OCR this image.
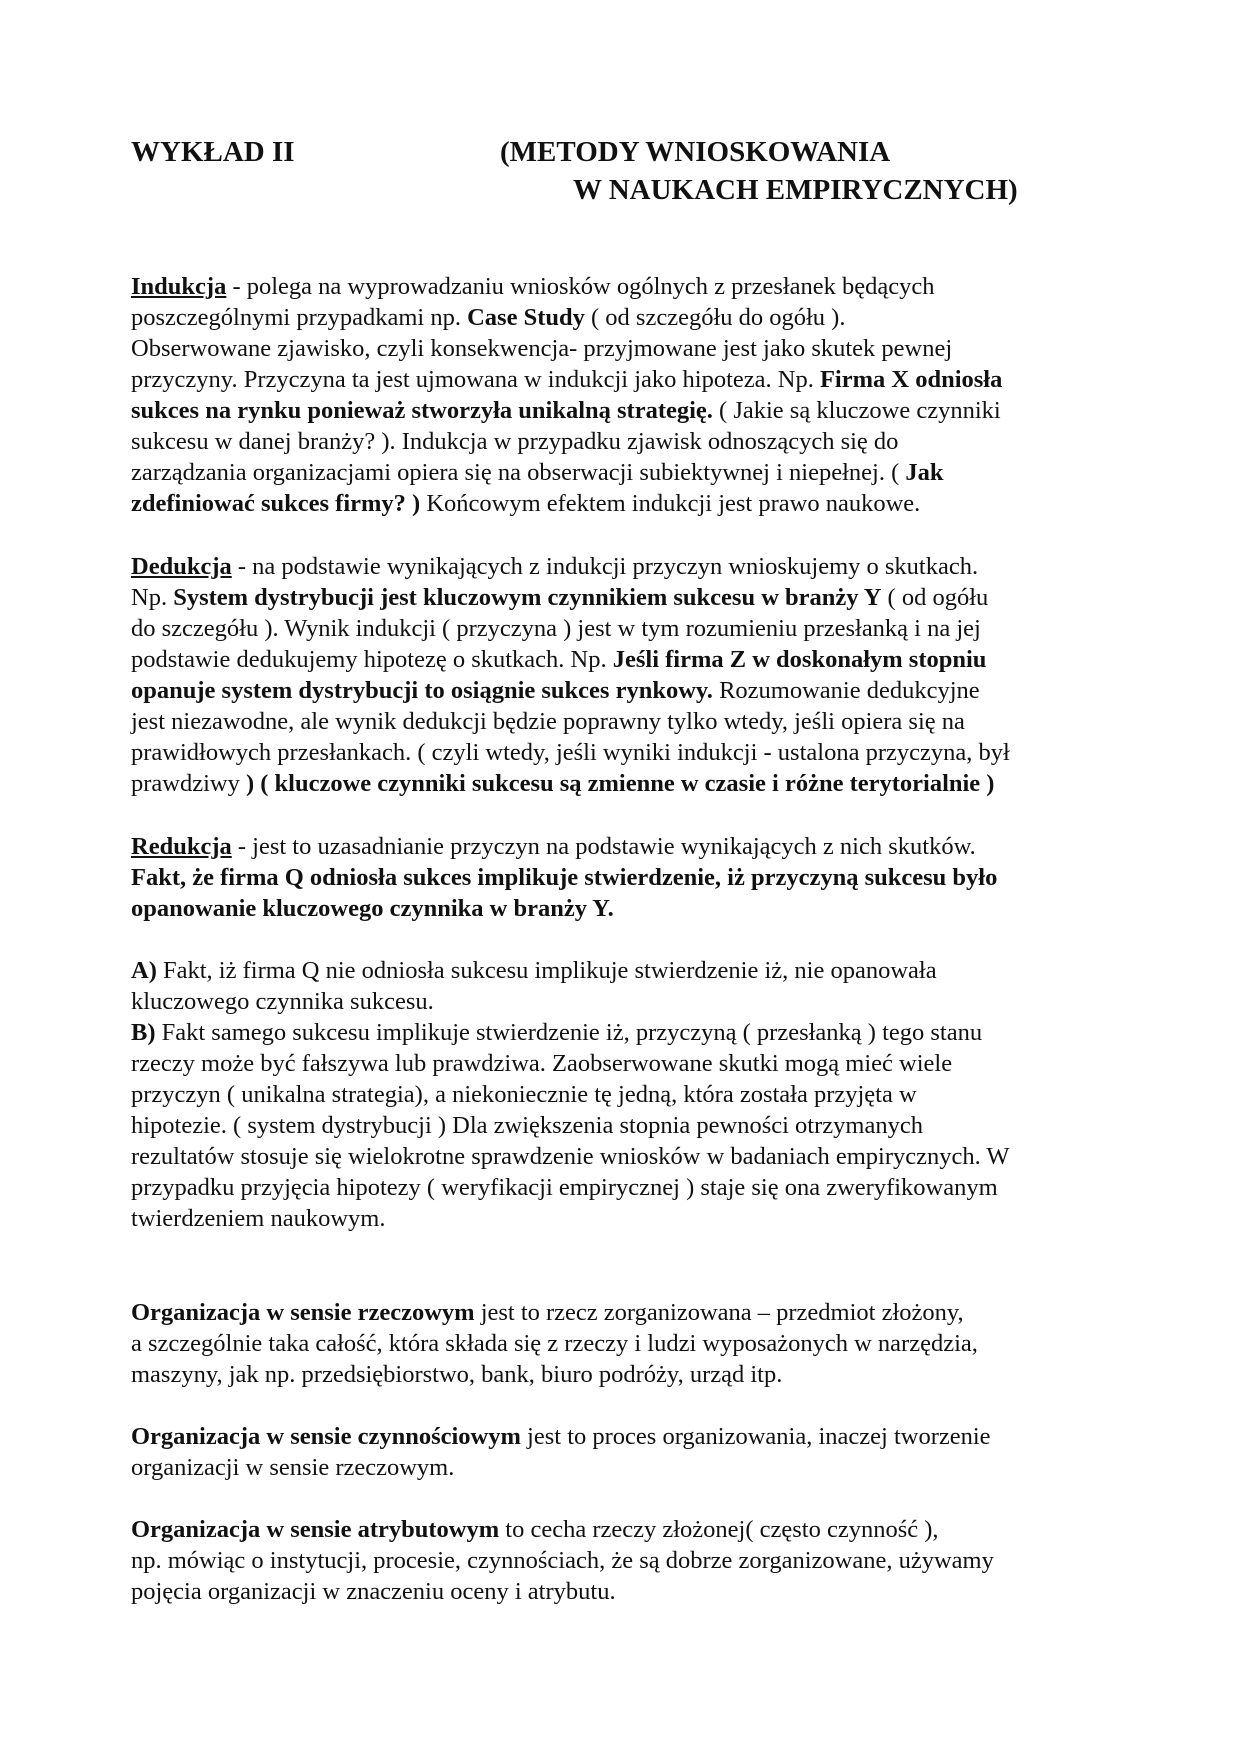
WYKŁAD II	(METODY WNIOSKOWANIA
W NAUKACH EMPIRYCZNYCH)
Indukcja - polega na wyprowadzaniu wniosków ogólnych z przesłanek będących
poszczególnymi przypadkami np. Case Study ( od szczegółu do ogółu ).
Obserwowane zjawisko, czyli konsekwencja- przyjmowane jest jako skutek pewnej
przyczyny. Przyczyna ta jest ujmowana w indukcji jako hipoteza. Np. Firma X odniosła
sukces na rynku ponieważ stworzyła unikalną strategię. ( Jakie są kluczowe czynniki
sukcesu w danej branży? ). Indukcja w przypadku zjawisk odnoszących się do
zarządzania organizacjami opiera się na obserwacji subiektywnej i niepełnej. ( Jak
zdefiniować sukces firmy? ) Końcowym efektem indukcji jest prawo naukowe.
Dedukcja - na podstawie wynikających z indukcji przyczyn wnioskujemy o skutkach.
Np. System dystrybucji jest kluczowym czynnikiem sukcesu w branży Y ( od ogółu
do szczegółu ). Wynik indukcji ( przyczyna ) jest w tym rozumieniu przesłanką i na jej
podstawie dedukujemy hipotezę o skutkach. Np. Jeśli firma Z w doskonałym stopniu
opanuje system dystrybucji to osiągnie sukces rynkowy. Rozumowanie dedukcyjne
jest niezawodne, ale wynik dedukcji będzie poprawny tylko wtedy, jeśli opiera się na
prawidłowych przesłankach. ( czyli wtedy, jeśli wyniki indukcji - ustalona przyczyna, był
prawdziwy ) ( kluczowe czynniki sukcesu są zmienne w czasie i różne terytorialnie )
Redukcja - jest to uzasadnianie przyczyn na podstawie wynikających z nich skutków.
Fakt, że firma Q odniosła sukces implikuje stwierdzenie, iż przyczyną sukcesu było
opanowanie kluczowego czynnika w branży Y.
A) Fakt, iż firma Q nie odniosła sukcesu implikuje stwierdzenie iż, nie opanowała
kluczowego czynnika sukcesu.
B) Fakt samego sukcesu implikuje stwierdzenie iż, przyczyną ( przesłanką ) tego stanu
rzeczy może być fałszywa lub prawdziwa. Zaobserwowane skutki mogą mieć wiele
przyczyn ( unikalna strategia), a niekoniecznie tę jedną, która została przyjęta w
hipotezie. ( system dystrybucji ) Dla zwiększenia stopnia pewności otrzymanych
rezultatów stosuje się wielokrotne sprawdzenie wniosków w badaniach empirycznych. W
przypadku przyjęcia hipotezy ( weryfikacji empirycznej ) staje się ona zweryfikowanym
twierdzeniem naukowym.
Organizacja w sensie rzeczowym jest to rzecz zorganizowana – przedmiot złożony,
a szczególnie taka całość, która składa się z rzeczy i ludzi wyposażonych w narzędzia,
maszyny, jak np. przedsiębiorstwo, bank, biuro podróży, urząd itp.
Organizacja w sensie czynnościowym jest to proces organizowania, inaczej tworzenie
organizacji w sensie rzeczowym.
Organizacja w sensie atrybutowym to cecha rzeczy złożonej( często czynność ),
np. mówiąc o instytucji, procesie, czynnościach, że są dobrze zorganizowane, używamy
pojęcia organizacji w znaczeniu oceny i atrybutu.
